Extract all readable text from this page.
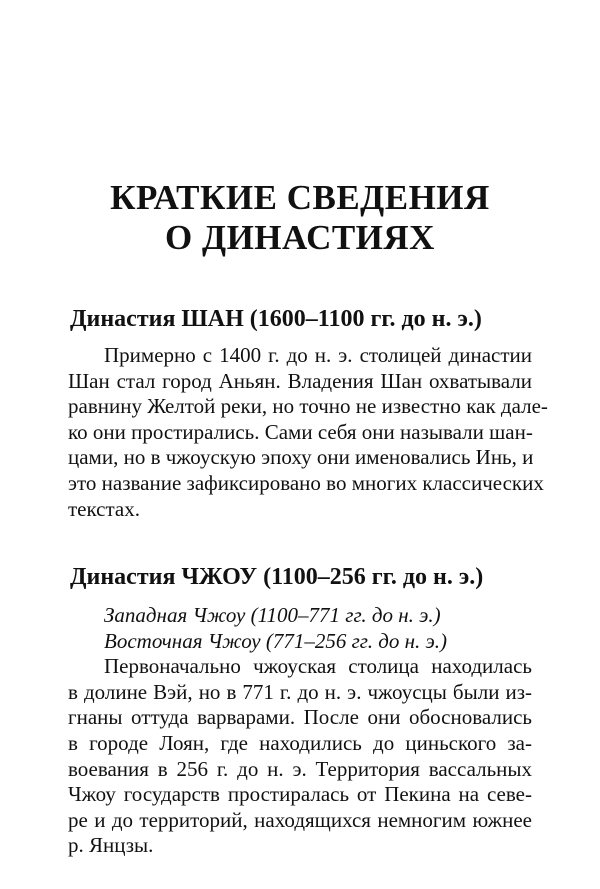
КРАТКИЕ СВЕДЕНИЯ
О ДИНАСТИЯХ
Династия ШАН (1600–1100 гг. до н. э.)
Примерно с 1400 г. до н. э. столицей династии
Шан стал город Аньян. Владения Шан охватывали
равнину Желтой реки, но точно не известно как дале-
ко они простирались. Сами себя они называли шан-
цами, но в чжоускую эпоху они именовались Инь, и
это название зафиксировано во многих классических
текстах.
Династия ЧЖОУ (1100–256 гг. до н. э.)
Западная Чжоу (1100–771 гг. до н. э.)
Восточная Чжоу (771–256 гг. до н. э.)
Первоначально чжоуская столица находилась
в долине Вэй, но в 771 г. до н. э. чжоусцы были из-
гнаны оттуда варварами. После они обосновались
в городе Лоян, где находились до циньского за-
воевания в 256 г. до н. э. Территория вассальных
Чжоу государств простиралась от Пекина на севе-
ре и до территорий, находящихся немногим южнее
р. Янцзы.
